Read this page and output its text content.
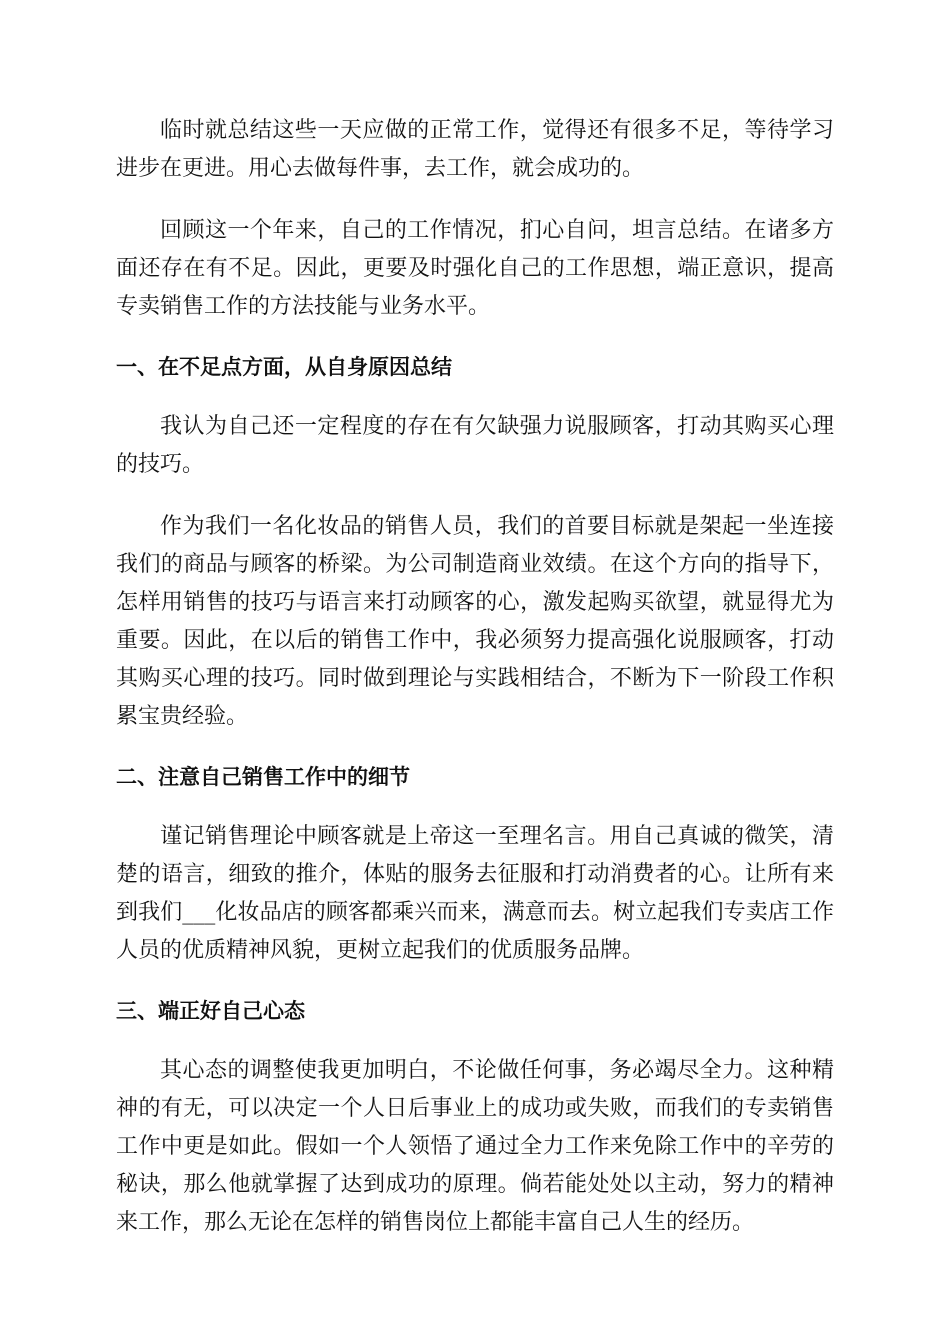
临时就总结这些一天应做的正常工作，觉得还有很多不足，等待学习进步在更进。用心去做每件事，去工作，就会成功的。

回顾这一个年来，自己的工作情况，扪心自问，坦言总结。在诸多方面还存在有不足。因此，更要及时强化自己的工作思想，端正意识，提高专卖销售工作的方法技能与业务水平。

一、在不足点方面，从自身原因总结

我认为自己还一定程度的存在有欠缺强力说服顾客，打动其购买心理的技巧。

作为我们一名化妆品的销售人员，我们的首要目标就是架起一坐连接我们的商品与顾客的桥梁。为公司制造商业效绩。在这个方向的指导下，怎样用销售的技巧与语言来打动顾客的心，激发起购买欲望，就显得尤为重要。因此，在以后的销售工作中，我必须努力提高强化说服顾客，打动其购买心理的技巧。同时做到理论与实践相结合，不断为下一阶段工作积累宝贵经验。

二、注意自己销售工作中的细节

谨记销售理论中顾客就是上帝这一至理名言。用自己真诚的微笑，清楚的语言，细致的推介，体贴的服务去征服和打动消费者的心。让所有来到我们___化妆品店的顾客都乘兴而来，满意而去。树立起我们专卖店工作人员的优质精神风貌，更树立起我们的优质服务品牌。

三、端正好自己心态

其心态的调整使我更加明白，不论做任何事，务必竭尽全力。这种精神的有无，可以决定一个人日后事业上的成功或失败，而我们的专卖销售工作中更是如此。假如一个人领悟了通过全力工作来免除工作中的辛劳的秘诀，那么他就掌握了达到成功的原理。倘若能处处以主动，努力的精神来工作，那么无论在怎样的销售岗位上都能丰富自己人生的经历。
